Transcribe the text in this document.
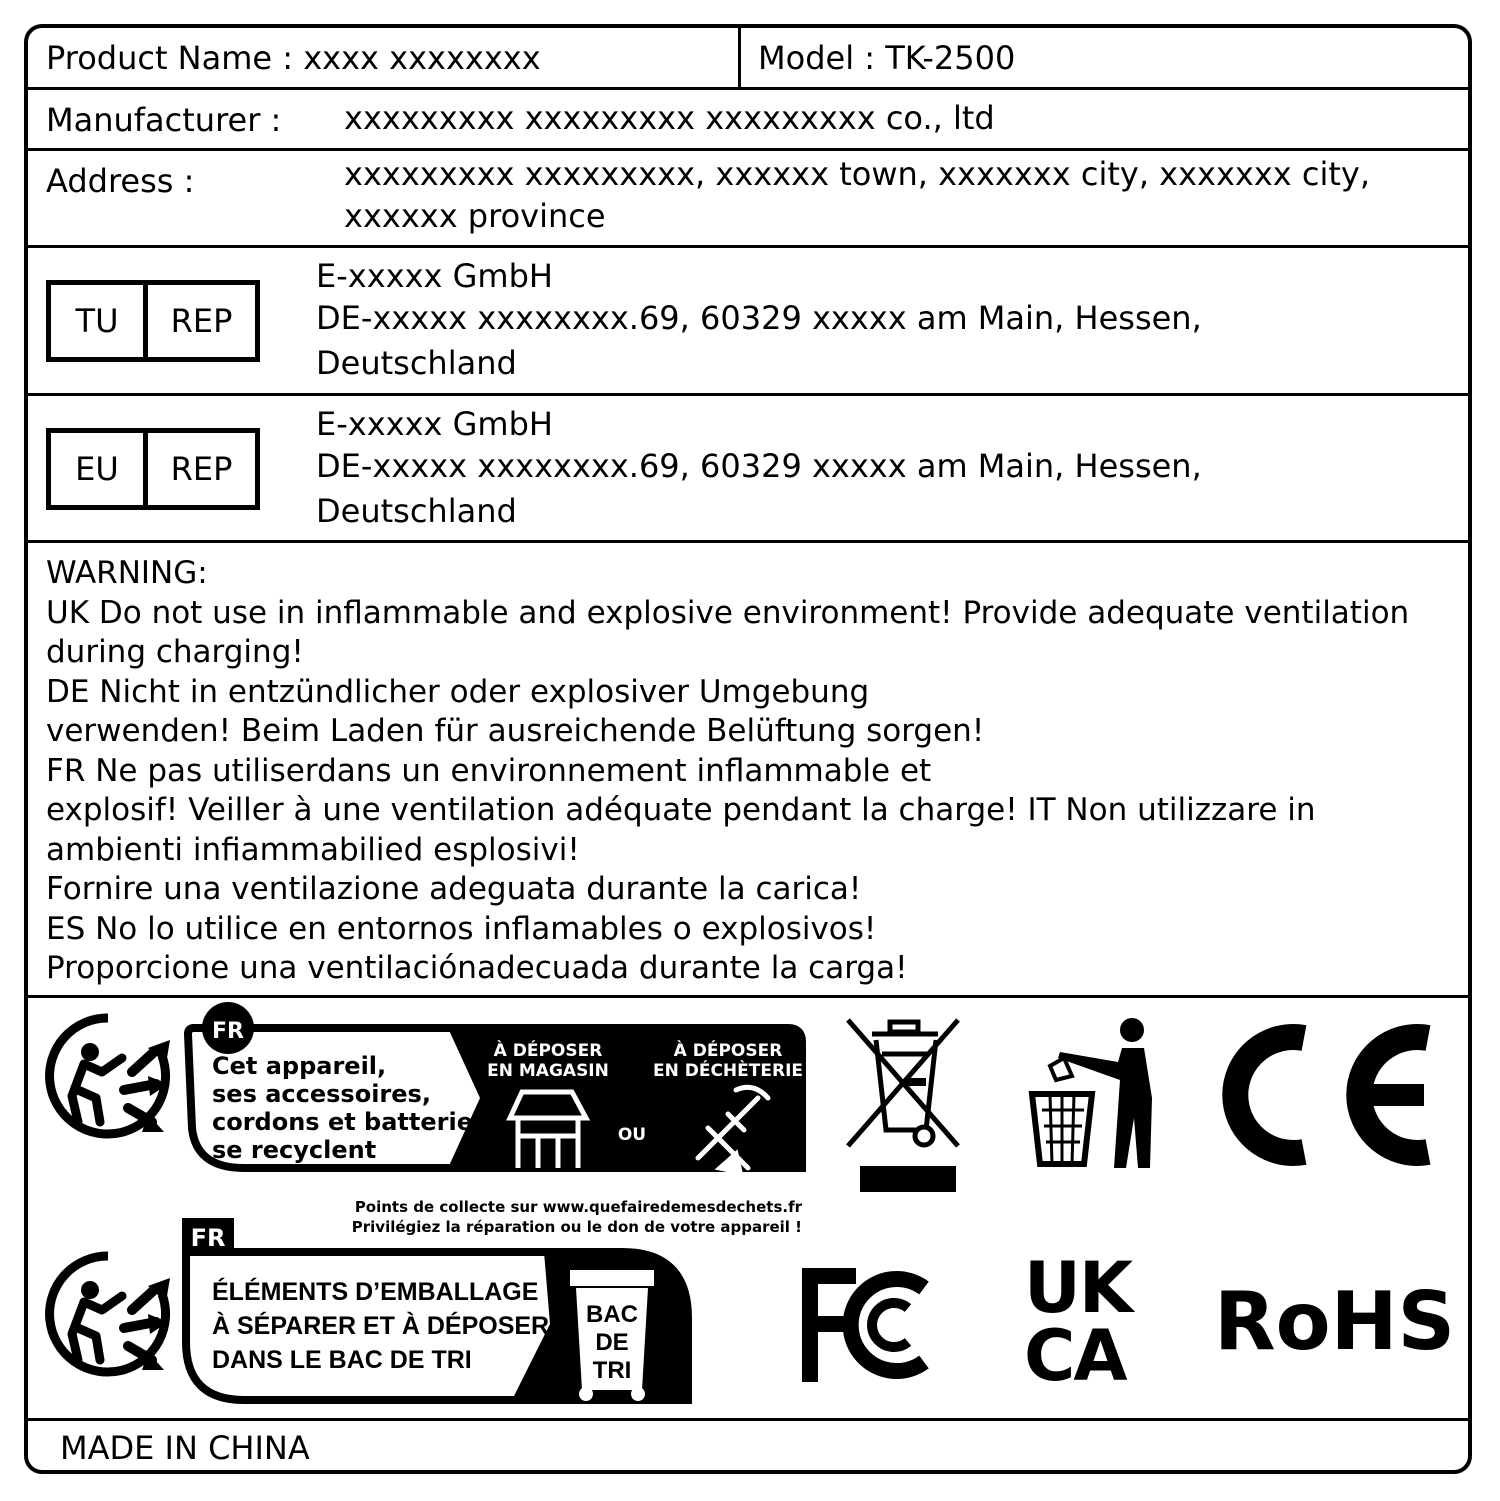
Product Name : xxxx xxxxxxxx	Model : TK-2500
Manufacturer : xxxxxxxxx xxxxxxxxx xxxxxxxxx co., ltd
Address :	xxxxxxxxx xxxxxxxxx, xxxxxx town, xxxxxxx city, xxxxxxx city,
xxxxxx province
TU	REP
E-xxxxx GmbH
DE-xxxxx xxxxxxxx.69, 60329 xxxxx am Main, Hessen,
Deutschland
EU	REP
E-xxxxx GmbH
DE-xxxxx xxxxxxxx.69, 60329 xxxxx am Main, Hessen,
Deutschland
WARNING:
UK Do not use in inflammable and explosive environment! Provide adequate ventilation
during charging!
DE Nicht in entzündlicher oder explosiver Umgebung
verwenden! Beim Laden für ausreichende Belüftung sorgen!
FR Ne pas utiliserdans un environnement inflammable et
explosif! Veiller à une ventilation adéquate pendant la charge! IT Non utilizzare in
ambienti infiammabilied esplosivi!
Fornire una ventilazione adeguata durante la carica!
ES No lo utilice en entornos inflamables o explosivos!
Proporcione una ventilaciónadecuada durante la carga!
FR
Cet appareil,
ses accessoires,
cordons et batteries
se recyclent
À DÉPOSER
EN MAGASIN
OU
À DÉPOSER
EN DÉCHÈTERIE
Points de collecte sur www.quefairedemesdechets.fr
Privilégiez la réparation ou le don de votre appareil !
FR
ÉLÉMENTS D’EMBALLAGE
À SÉPARER ET À DÉPOSER
DANS LE BAC DE TRI
BAC
DE
TRI
UK
CA RoHS
MADE IN CHINA
